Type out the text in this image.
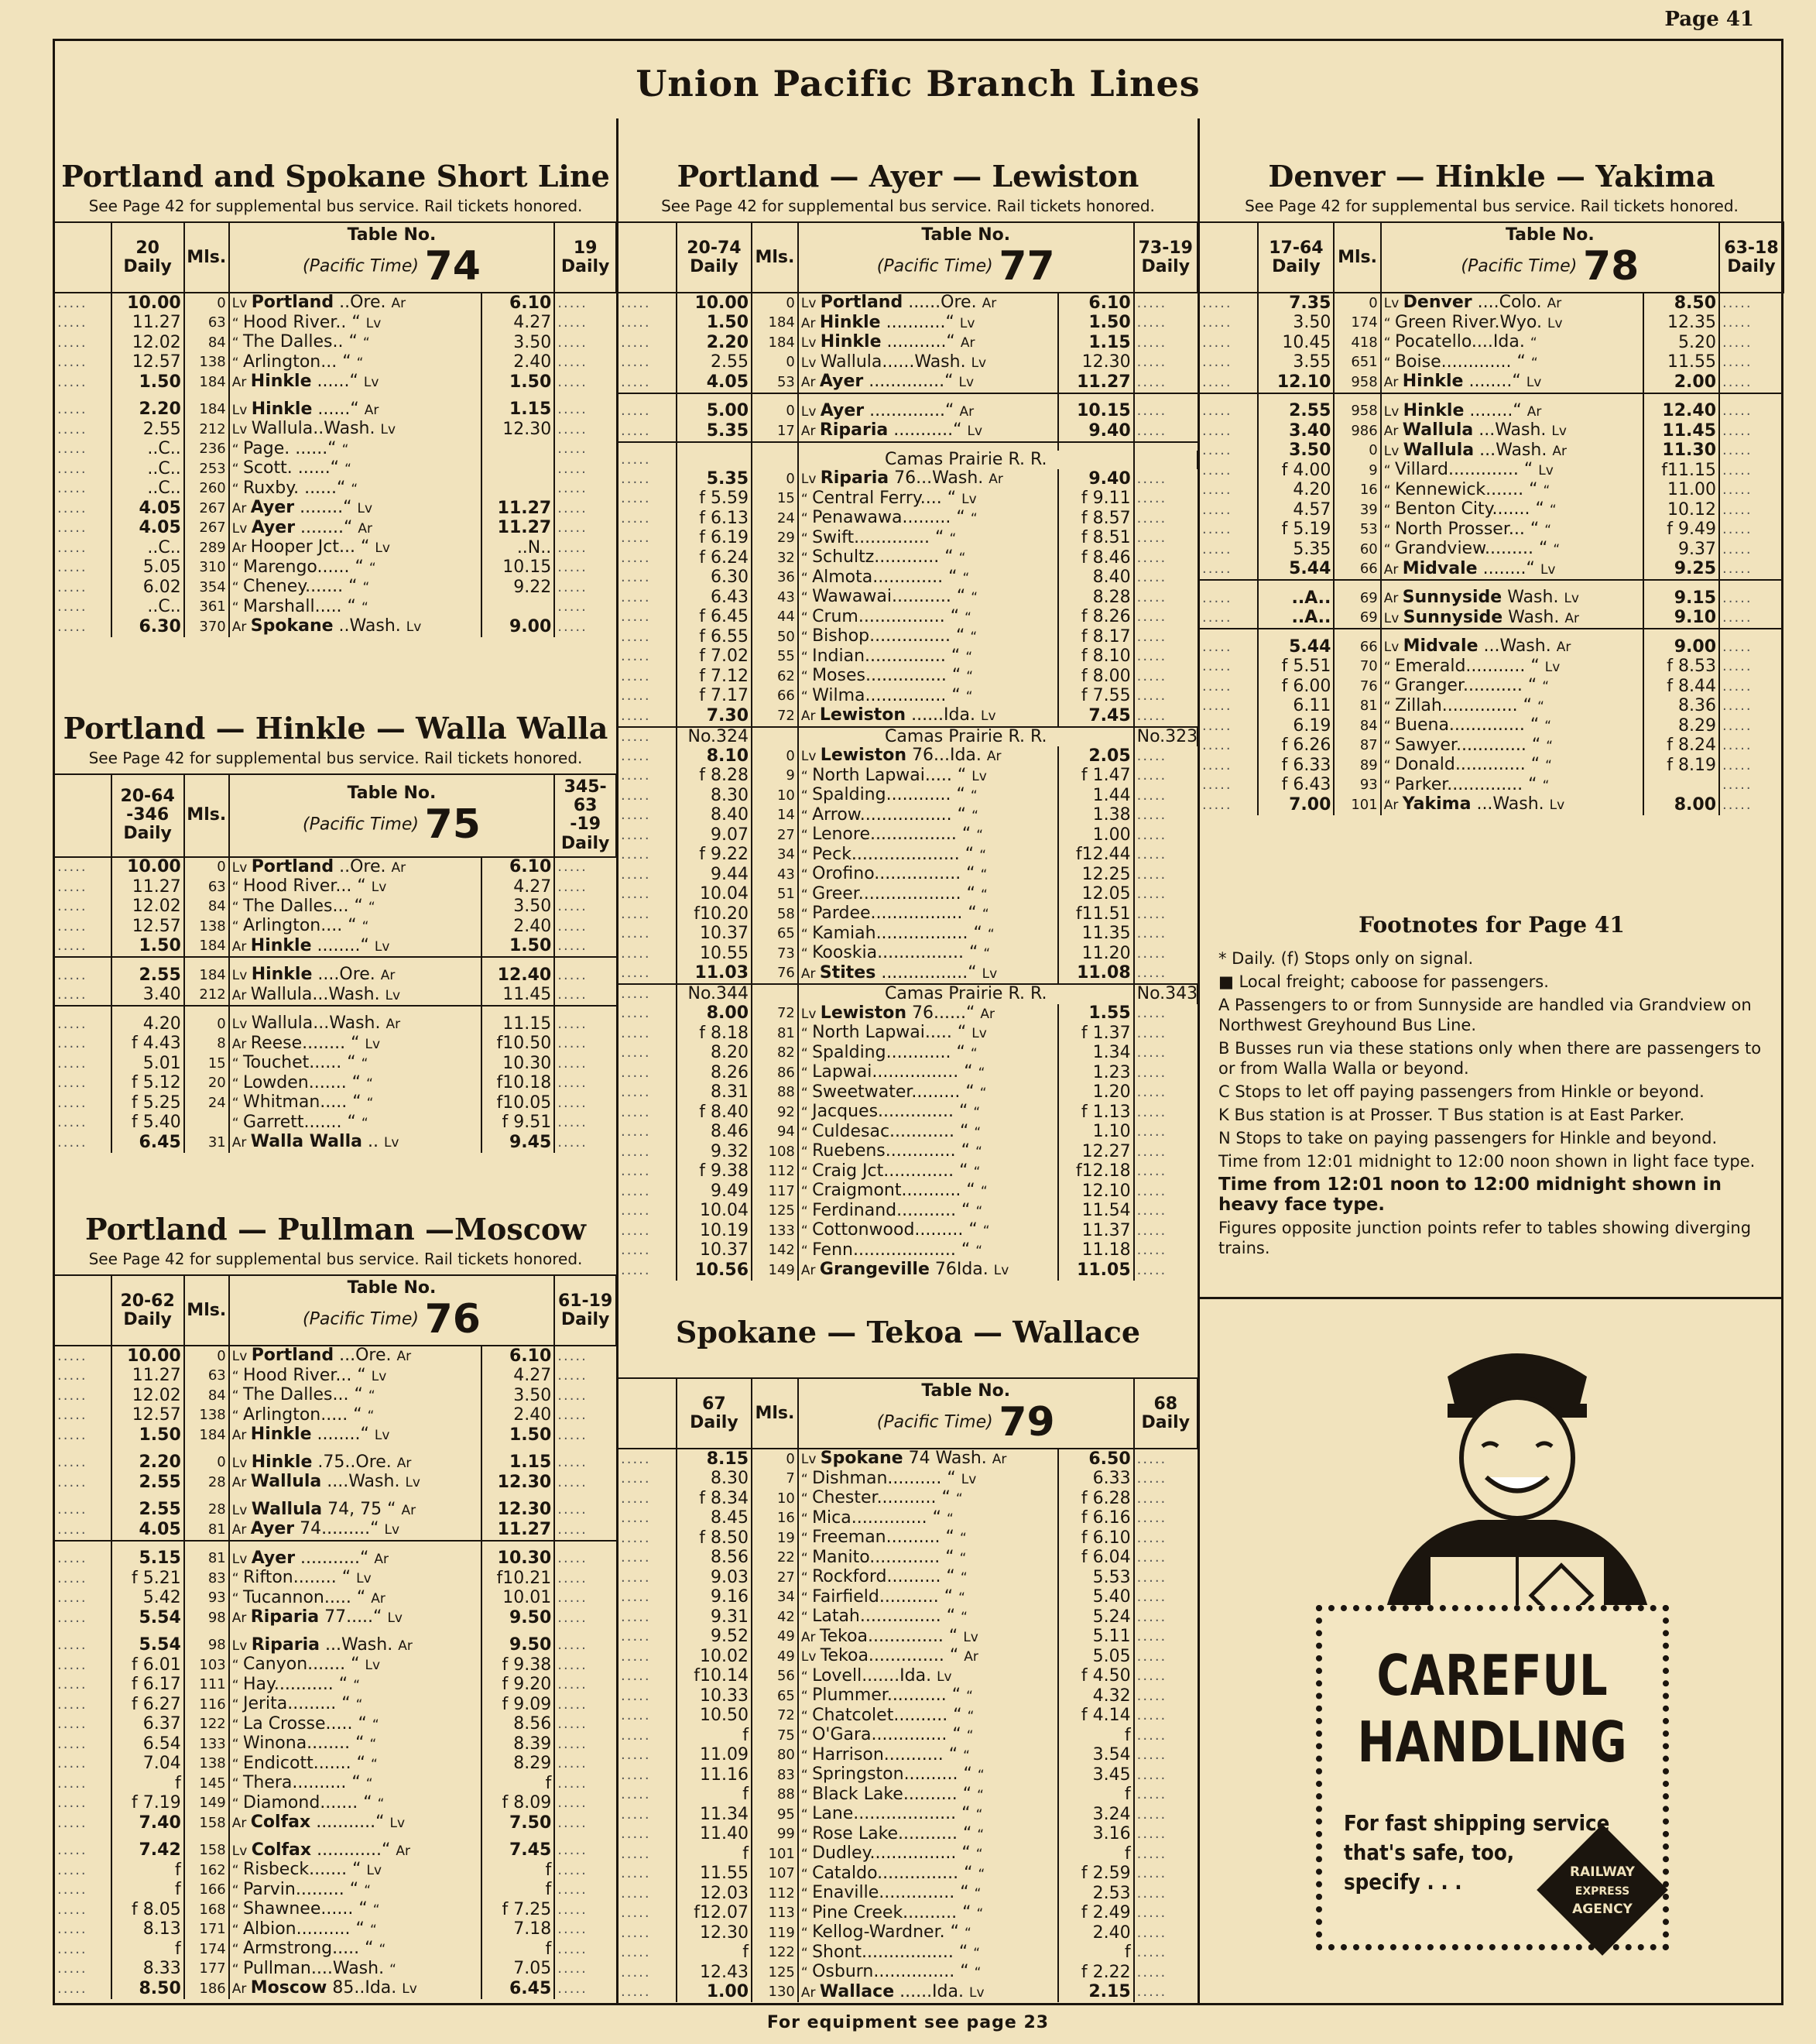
Page 41
Union Pacific Branch Lines
Portland and Spokane Short Line
See Page 42 for supplemental bus service. Rail tickets honored.
	20
Daily	Mls.	Table No.
(Pacific Time) 74		19
Daily	
.....	10.00	0	Lv Portland ..Ore. Ar	6.10	.....	
.....	11.27	63	“ Hood River.. “ Lv	4.27	.....	
.....	12.02	84	“ The Dalles.. “ “	3.50	.....	
.....	12.57	138	“ Arlington... “ “	2.40	.....	
.....	1.50	184	Ar Hinkle ......“ Lv	1.50	.....	

.....	2.20	184	Lv Hinkle ......“ Ar	1.15	.....	
.....	2.55	212	Lv Wallula..Wash. Lv	12.30	.....	
.....	..C..	236	“ Page. ......“ “		.....	
.....	..C..	253	“ Scott. ......“ “		.....	
.....	..C..	260	“ Ruxby. ......“ “		.....	
.....	4.05	267	Ar Ayer ........“ Lv	11.27	.....	
.....	4.05	267	Lv Ayer ........“ Ar	11.27	.....	
.....	..C..	289	Ar Hooper Jct... “ Lv	..N..	.....	
.....	5.05	310	“ Marengo...... “ “	10.15	.....	
.....	6.02	354	“ Cheney....... “ “	9.22	.....	
.....	..C..	361	“ Marshall..... “ “		.....	
.....	6.30	370	Ar Spokane ..Wash. Lv	9.00	.....	
Portland — Hinkle — Walla Walla
See Page 42 for supplemental bus service. Rail tickets honored.
	20-64
-346
Daily	Mls.	Table No.
(Pacific Time) 75		345-63
-19
Daily	
.....	10.00	0	Lv Portland ..Ore. Ar	6.10	.....	
.....	11.27	63	“ Hood River... “ Lv	4.27	.....	
.....	12.02	84	“ The Dalles... “ “	3.50	.....	
.....	12.57	138	“ Arlington.... “ “	2.40	.....	
.....	1.50	184	Ar Hinkle ........“ Lv	1.50	.....	

.....	2.55	184	Lv Hinkle ....Ore. Ar	12.40	.....	
.....	3.40	212	Ar Wallula...Wash. Lv	11.45	.....	

.....	4.20	0	Lv Wallula...Wash. Ar	11.15	.....	
.....	f 4.43	8	Ar Reese........ “ Lv	f10.50	.....	
.....	5.01	15	“ Touchet...... “ “	10.30	.....	
.....	f 5.12	20	“ Lowden....... “ “	f10.18	.....	
.....	f 5.25	24	“ Whitman..... “ “	f10.05	.....	
.....	f 5.40		“ Garrett....... “ “	f 9.51	.....	
.....	6.45	31	Ar Walla Walla .. Lv	9.45	.....	
Portland — Pullman —Moscow
See Page 42 for supplemental bus service. Rail tickets honored.
	20-62
Daily	Mls.	Table No.
(Pacific Time) 76		61-19
Daily	
.....	10.00	0	Lv Portland ...Ore. Ar	6.10	.....	
.....	11.27	63	“ Hood River... “ Lv	4.27	.....	
.....	12.02	84	“ The Dalles... “ “	3.50	.....	
.....	12.57	138	“ Arlington..... “ “	2.40	.....	
.....	1.50	184	Ar Hinkle ........“ Lv	1.50	.....	

.....	2.20	0	Lv Hinkle .75..Ore. Ar	1.15	.....	
.....	2.55	28	Ar Wallula ....Wash. Lv	12.30	.....	

.....	2.55	28	Lv Wallula 74, 75 “ Ar	12.30	.....	
.....	4.05	81	Ar Ayer 74.........“ Lv	11.27	.....	

.....	5.15	81	Lv Ayer ...........“ Ar	10.30	.....	
.....	f 5.21	83	“ Rifton........ “ Lv	f10.21	.....	
.....	5.42	93	“ Tucannon..... “ Ar	10.01	.....	
.....	5.54	98	Ar Riparia 77.....“ Lv	9.50	.....	

.....	5.54	98	Lv Riparia ...Wash. Ar	9.50	.....	
.....	f 6.01	103	“ Canyon....... “ Lv	f 9.38	.....	
.....	f 6.17	111	“ Hay........... “ “	f 9.20	.....	
.....	f 6.27	116	“ Jerita......... “ “	f 9.09	.....	
.....	6.37	122	“ La Crosse..... “ “	8.56	.....	
.....	6.54	133	“ Winona........ “ “	8.39	.....	
.....	7.04	138	“ Endicott....... “ “	8.29	.....	
.....	f	145	“ Thera.......... “ “	f	.....	
.....	f 7.19	149	“ Diamond....... “ “	f 8.09	.....	
.....	7.40	158	Ar Colfax ...........“ Lv	7.50	.....	

.....	7.42	158	Lv Colfax ............“ Ar	7.45	.....	
.....	f	162	“ Risbeck....... “ Lv	f	.....	
.....	f	166	“ Parvin......... “ “	f	.....	
.....	f 8.05	168	“ Shawnee...... “ “	f 7.25	.....	
.....	8.13	171	“ Albion.......... “ “	7.18	.....	
.....	f	174	“ Armstrong..... “ “	f	.....	
.....	8.33	177	“ Pullman....Wash. “	7.05	.....	
.....	8.50	186	Ar Moscow 85..Ida. Lv	6.45	.....	
Portland — Ayer — Lewiston
See Page 42 for supplemental bus service. Rail tickets honored.
	20-74
Daily	Mls.	Table No.
(Pacific Time) 77		73-19
Daily	
.....	10.00	0	Lv Portland ......Ore. Ar	6.10	.....	
.....	1.50	184	Ar Hinkle ...........“ Lv	1.50	.....	
.....	2.20	184	Lv Hinkle ...........“ Ar	1.15	.....	
.....	2.55	0	Lv Wallula......Wash. Lv	12.30	.....	
.....	4.05	53	Ar Ayer ..............“ Lv	11.27	.....	

.....	5.00	0	Lv Ayer ..............“ Ar	10.15	.....	
.....	5.35	17	Ar Riparia ...........“ Lv	9.40	.....	

.....			Camas Prairie R. R.		
.....	5.35	0	Lv Riparia 76...Wash. Ar	9.40	.....	
.....	f 5.59	15	“ Central Ferry.... “ Lv	f 9.11	.....	
.....	f 6.13	24	“ Penawawa......... “ “	f 8.57	.....	
.....	f 6.19	29	“ Swift.............. “ “	f 8.51	.....	
.....	f 6.24	32	“ Schultz............ “ “	f 8.46	.....	
.....	6.30	36	“ Almota............. “ “	8.40	.....	
.....	6.43	43	“ Wawawai........... “ “	8.28	.....	
.....	f 6.45	44	“ Crum................ “ “	f 8.26	.....	
.....	f 6.55	50	“ Bishop............... “ “	f 8.17	.....	
.....	f 7.02	55	“ Indian............... “ “	f 8.10	.....	
.....	f 7.12	62	“ Moses............... “ “	f 8.00	.....	
.....	f 7.17	66	“ Wilma............... “ “	f 7.55	.....	
.....	7.30	72	Ar Lewiston ......Ida. Lv	7.45	.....	
.....	No.324		Camas Prairie R. R.		No.323	
.....	8.10	0	Lv Lewiston 76...Ida. Ar	2.05	.....	
.....	f 8.28	9	“ North Lapwai..... “ Lv	f 1.47	.....	
.....	8.30	10	“ Spalding............ “ “	1.44	.....	
.....	8.40	14	“ Arrow................. “ “	1.38	.....	
.....	9.07	27	“ Lenore................ “ “	1.00	.....	
.....	f 9.22	34	“ Peck.................... “ “	f12.44	.....	
.....	9.44	43	“ Orofino................ “ “	12.25	.....	
.....	10.04	51	“ Greer................... “ “	12.05	.....	
.....	f10.20	58	“ Pardee................. “ “	f11.51	.....	
.....	10.37	65	“ Kamiah................. “ “	11.35	.....	
.....	10.55	73	“ Kooskia................ “ “	11.20	.....	
.....	11.03	76	Ar Stites ................“ Lv	11.08	.....	
.....	No.344		Camas Prairie R. R.		No.343	
.....	8.00	72	Lv Lewiston 76......“ Ar	1.55	.....	
.....	f 8.18	81	“ North Lapwai..... “ Lv	f 1.37	.....	
.....	8.20	82	“ Spalding............ “ “	1.34	.....	
.....	8.26	86	“ Lapwai................ “ “	1.23	.....	
.....	8.31	88	“ Sweetwater......... “ “	1.20	.....	
.....	f 8.40	92	“ Jacques.............. “ “	f 1.13	.....	
.....	8.46	94	“ Culdesac............ “ “	1.10	.....	
.....	9.32	108	“ Ruebens............. “ “	12.27	.....	
.....	f 9.38	112	“ Craig Jct............. “ “	f12.18	.....	
.....	9.49	117	“ Craigmont........... “ “	12.10	.....	
.....	10.04	125	“ Ferdinand........... “ “	11.54	.....	
.....	10.19	133	“ Cottonwood......... “ “	11.37	.....	
.....	10.37	142	“ Fenn................... “ “	11.18	.....	
.....	10.56	149	Ar Grangeville 76Ida. Lv	11.05	.....	
Spokane — Tekoa — Wallace
	67
Daily	Mls.	Table No.
(Pacific Time) 79		68
Daily	
.....	8.15	0	Lv Spokane 74 Wash. Ar	6.50	.....	
.....	8.30	7	“ Dishman.......... “ Lv	6.33	.....	
.....	f 8.34	10	“ Chester........... “ “	f 6.28	.....	
.....	8.45	16	“ Mica.............. “ “	f 6.16	.....	
.....	f 8.50	19	“ Freeman.......... “ “	f 6.10	.....	
.....	8.56	22	“ Manito............. “ “	f 6.04	.....	
.....	9.03	27	“ Rockford.......... “ “	5.53	.....	
.....	9.16	34	“ Fairfield........... “ “	5.40	.....	
.....	9.31	42	“ Latah............... “ “	5.24	.....	
.....	9.52	49	Ar Tekoa.............. “ Lv	5.11	.....	
.....	10.02	49	Lv Tekoa.............. “ Ar	5.05	.....	
.....	f10.14	56	“ Lovell.......Ida. Lv	f 4.50	.....	
.....	10.33	65	“ Plummer........... “ “	4.32	.....	
.....	10.50	72	“ Chatcolet.......... “ “	f 4.14	.....	
.....	f	75	“ O'Gara.............. “ “	f	.....	
.....	11.09	80	“ Harrison........... “ “	3.54	.....	
.....	11.16	83	“ Springston.......... “ “	3.45	.....	
.....	f	88	“ Black Lake.......... “ “	f	.....	
.....	11.34	95	“ Lane................... “ “	3.24	.....	
.....	11.40	99	“ Rose Lake........... “ “	3.16	.....	
.....	f	101	“ Dudley................ “ “	f	.....	
.....	11.55	107	“ Cataldo............... “ “	f 2.59	.....	
.....	12.03	112	“ Enaville.............. “ “	2.53	.....	
.....	f12.07	113	“ Pine Creek.......... “ “	f 2.49	.....	
.....	12.30	119	“ Kellog-Wardner. “ “	2.40	.....	
.....	f	122	“ Shont................. “ “	f	.....	
.....	12.43	125	“ Osburn............... “ “	f 2.22	.....	
.....	1.00	130	Ar Wallace ......Ida. Lv	2.15	.....	
Denver — Hinkle — Yakima
See Page 42 for supplemental bus service. Rail tickets honored.
	17-64
Daily	Mls.	Table No.
(Pacific Time) 78		63-18
Daily	
.....	7.35	0	Lv Denver ....Colo. Ar	8.50	.....	
.....	3.50	174	“ Green River.Wyo. Lv	12.35	.....	
.....	10.45	418	“ Pocatello....Ida. “	5.20	.....	
.....	3.55	651	“ Boise............. “ “	11.55	.....	
.....	12.10	958	Ar Hinkle ........“ Lv	2.00	.....	

.....	2.55	958	Lv Hinkle ........“ Ar	12.40	.....	
.....	3.40	986	Ar Wallula ...Wash. Lv	11.45	.....	
.....	3.50	0	Lv Wallula ...Wash. Ar	11.30	.....	
.....	f 4.00	9	“ Villard............. “ Lv	f11.15	.....	
.....	4.20	16	“ Kennewick....... “ “	11.00	.....	
.....	4.57	39	“ Benton City....... “ “	10.12	.....	
.....	f 5.19	53	“ North Prosser... “ “	f 9.49	.....	
.....	5.35	60	“ Grandview......... “ “	9.37	.....	
.....	5.44	66	Ar Midvale ........“ Lv	9.25	.....	

.....	..A..	69	Ar Sunnyside Wash. Lv	9.15	.....	
.....	..A..	69	Lv Sunnyside Wash. Ar	9.10	.....	

.....	5.44	66	Lv Midvale ...Wash. Ar	9.00	.....	
.....	f 5.51	70	“ Emerald........... “ Lv	f 8.53	.....	
.....	f 6.00	76	“ Granger........... “ “	f 8.44	.....	
.....	6.11	81	“ Zillah.............. “ “	8.36	.....	
.....	6.19	84	“ Buena.............. “ “	8.29	.....	
.....	f 6.26	87	“ Sawyer............. “ “	f 8.24	.....	
.....	f 6.33	89	“ Donald............. “ “	f 8.19	.....	
.....	f 6.43	93	“ Parker.............. “ “		.....	
.....	7.00	101	Ar Yakima ...Wash. Lv	8.00	.....	
Footnotes for Page 41

* Daily. (f) Stops only on signal.

■ Local freight; caboose for passengers.

A Passengers to or from Sunnyside are handled via Grandview on Northwest Greyhound Bus Line.

B Busses run via these stations only when there are passengers to or from Walla Walla or beyond.

C Stops to let off paying passengers from Hinkle or beyond.

K Bus station is at Prosser. T Bus station is at East Parker.

N Stops to take on paying passengers for Hinkle and beyond.

Time from 12:01 midnight to 12:00 noon shown in light face type.

Time from 12:01 noon to 12:00 midnight shown in heavy face type.

Figures opposite junction points refer to tables showing diverging trains.

CAREFUL
HANDLING
For fast shipping service
that's safe, too,
specify . . .	RAILWAY
EXPRESS
AGENCY
For equipment see page 23
